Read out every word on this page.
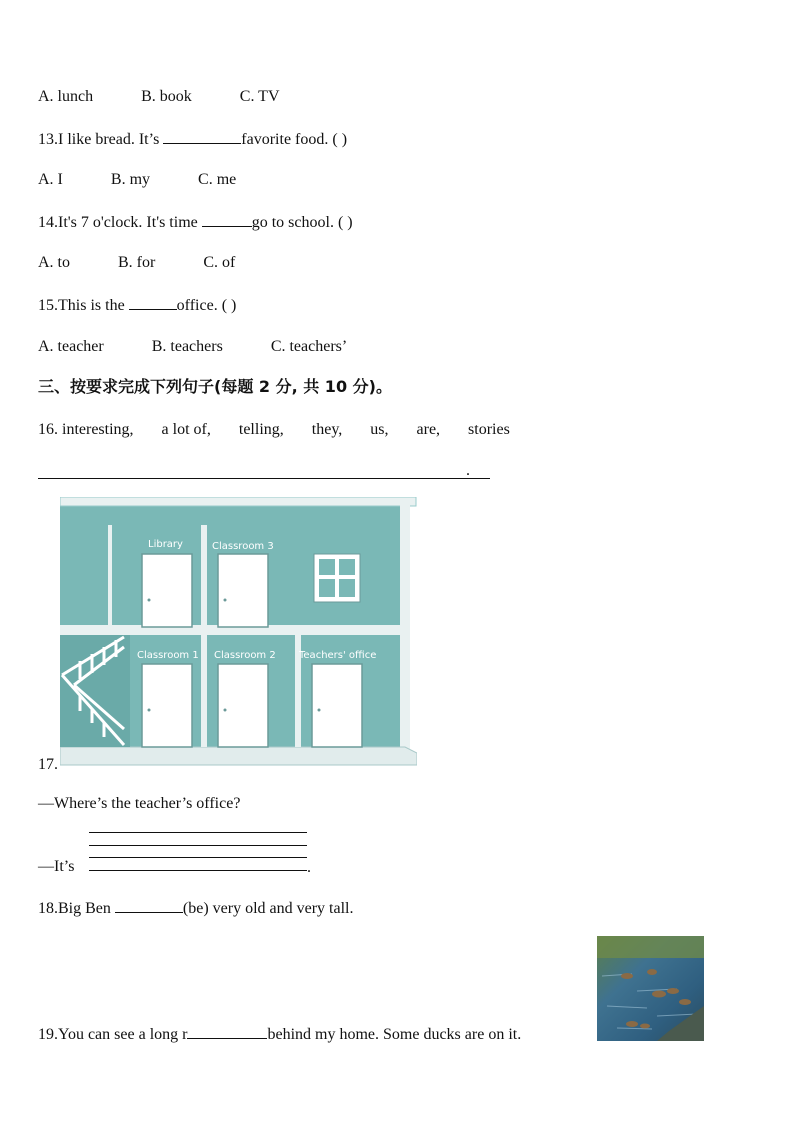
A. lunch	B. book	C. TV
13.I like bread. It’s	favorite food. ( )
A. I	B. my	C. me
14.It's 7 o'clock. It's time	go to school. ( )
A. to	B. for	C. of
15.This is the	office. ( )
A. teacher	B. teachers	C. teachers’
三、按要求完成下列句子(每题 2 分, 共 10 分)。
16. interesting, a lot of, telling, they, us, are, stories
.
Library	Classroom 3
Classroom 1 Classroom 2 Teachers' office
17.
—Where’s the teacher’s office?
—It’s	.
18.Big Ben	(be) very old and very tall.
19.You can see a long r	behind my home. Some ducks are on it.
